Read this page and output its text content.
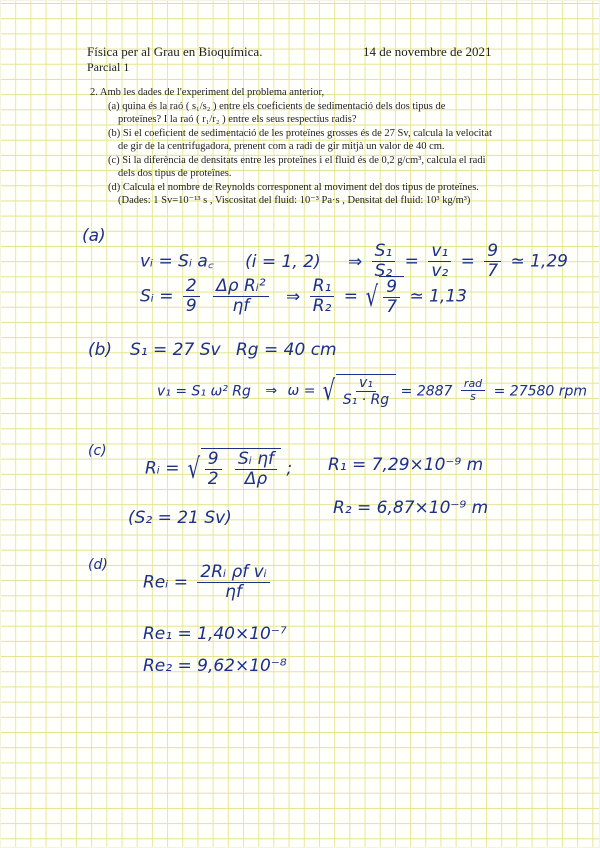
Física per al Grau en Bioquímica.	14 de novembre de 2021
Parcial 1
2. Amb les dades de l'experiment del problema anterior,
(a) quina és la raó ( s₁/s₂ ) entre els coeficients de sedimentació dels dos tipus de
proteïnes? I la raó ( r₁/r₂ ) entre els seus respectius radis?
(b) Si el coeficient de sedimentació de les proteïnes grosses és de 27 Sv, calcula la velocitat
de gir de la centrifugadora, prenent com a radi de gir mitjà un valor de 40 cm.
(c) Si la diferència de densitats entre les proteïnes i el fluid és de 0,2 g/cm³, calcula el radi
dels dos tipus de proteïnes.
(d) Calcula el nombre de Reynolds corresponent al moviment del dos tipus de proteïnes.
(Dades: 1 Sv=10⁻¹³ s , Viscositat del fluid: 10⁻³ Pa·s , Densitat del fluid: 10³ kg/m³)
(a)
vᵢ = Sᵢ a꜀ (i = 1, 2) ⇒ $\frac{\text{S₁}}{\text{S₂}} = \frac{\text{v₁}}{\text{v₂}} = \frac{9}{7}$ ≃ 1,29
Sᵢ = $\frac{2}{9}$
$\frac{\text{Δρ Rᵢ²}}{\eta f}$ ⇒ $\frac{\text{R₁}}{\text{R₂}}$ = √ $\frac{9}{7}$ ≃ 1,13
(b) S₁ = 27 Sv Rg = 40 cm
v₁ = S₁ ω² Rg ⇒ ω = √ $\frac{\text{v₁}}{\text{S₁ · Rg}} = 2887 \frac{\text{rad}}{s} = 27580$ rpm
(c)
Rᵢ = √ $\frac{9}{2}$
$\frac{\text{Sᵢ ηf}}{\Delta\rho}$ ; R₁ = 7,29×10⁻⁹ m
(S₂ = 21 Sv)	R₂ = 6,87×10⁻⁹ m
(d)
Reᵢ = $\frac{\text{2Rᵢ ρf vᵢ}}{\eta f}$
Re₁ = 1,40×10⁻⁷
Re₂ = 9,62×10⁻⁸
